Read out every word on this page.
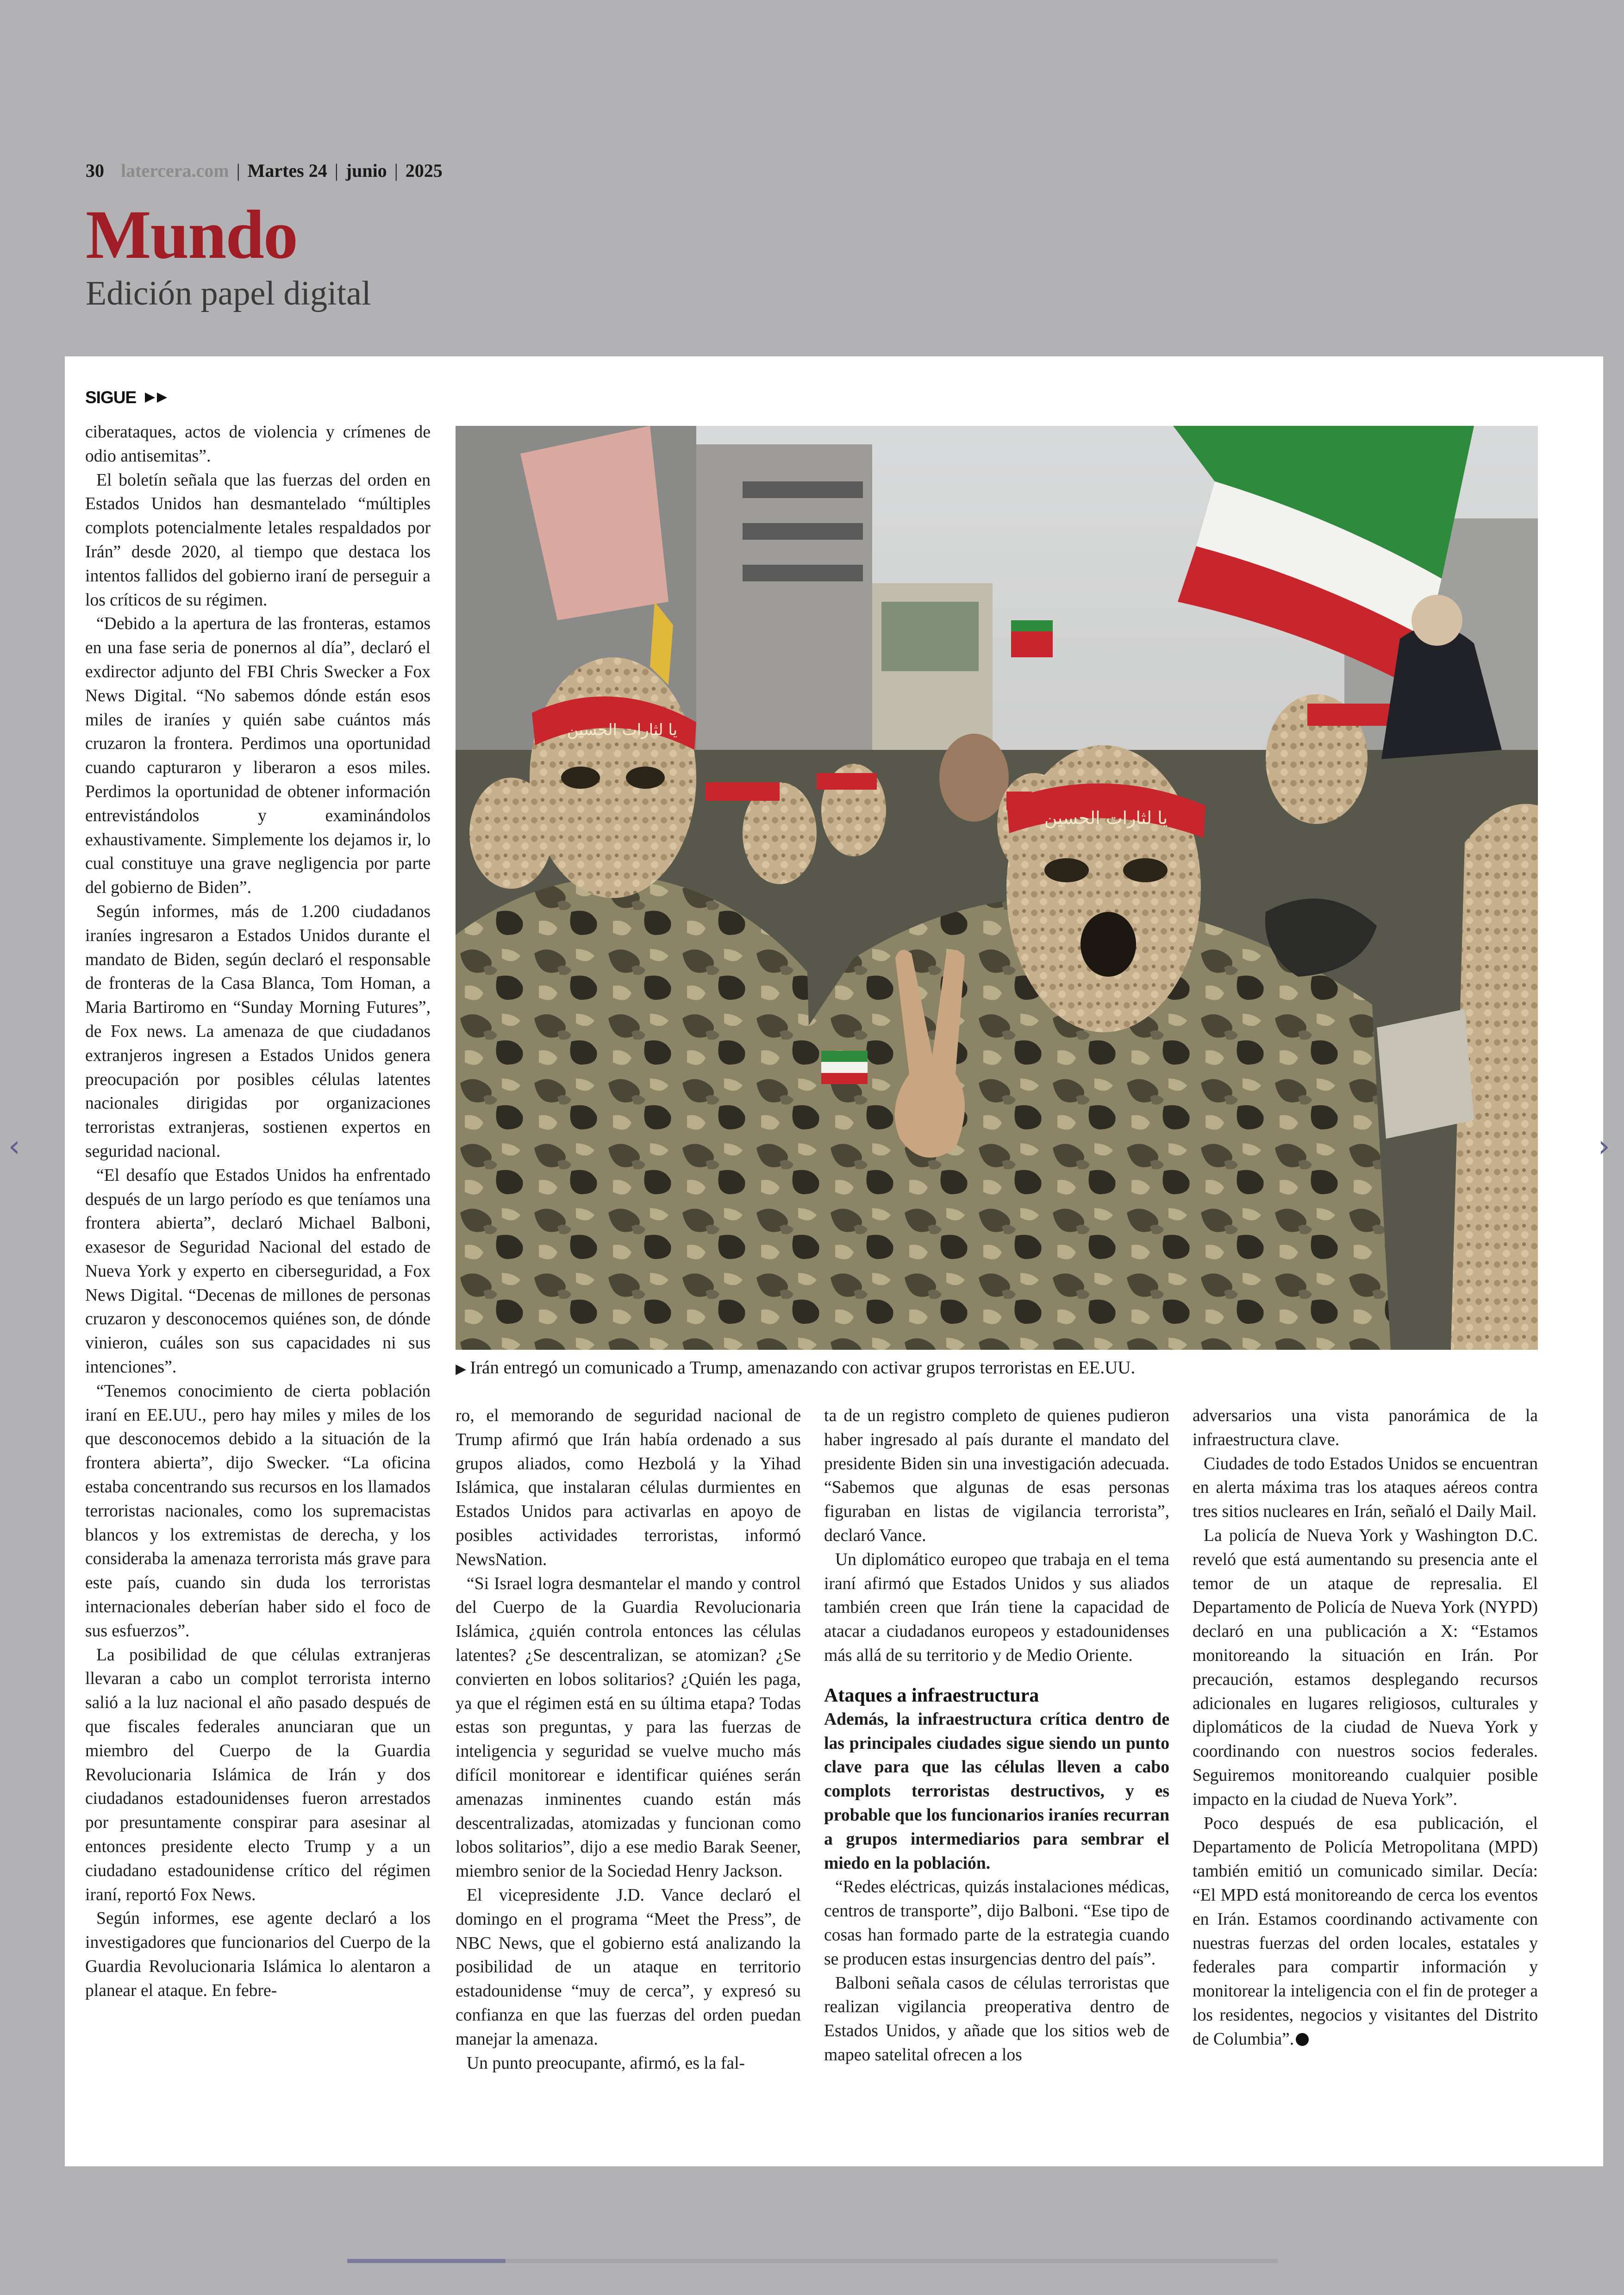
30 latercera.com | Martes 24 | junio | 2025
Mundo
Edición papel digital
SIGUE

ciberataques, actos de violencia y crímenes de odio antisemitas”.

El boletín señala que las fuerzas del orden en Estados Unidos han desmantelado “múltiples complots potencialmente letales respaldados por Irán” desde 2020, al tiempo que destaca los intentos fallidos del gobierno iraní de perseguir a los críticos de su régimen.

“Debido a la apertura de las fronteras, estamos en una fase seria de ponernos al día”, declaró el exdirector adjunto del FBI Chris Swecker a Fox News Digital. “No sabemos dónde están esos miles de iraníes y quién sabe cuántos más cruzaron la frontera. Perdimos una oportunidad cuando capturaron y liberaron a esos miles. Perdimos la oportunidad de obtener información entrevistándolos y examinándolos exhaustivamente. Simplemente los dejamos ir, lo cual constituye una grave negligencia por parte del gobierno de Biden”.

Según informes, más de 1.200 ciudadanos iraníes ingresaron a Estados Unidos durante el mandato de Biden, según declaró el responsable de fronteras de la Casa Blanca, Tom Homan, a Maria Bartiromo en “Sunday Morning Futures”, de Fox news. La amenaza de que ciudadanos extranjeros ingresen a Estados Unidos genera preocupación por posibles células latentes nacionales dirigidas por organizaciones terroristas extranjeras, sostienen expertos en seguridad nacional.

“El desafío que Estados Unidos ha enfrentado después de un largo período es que teníamos una frontera abierta”, declaró Michael Balboni, exasesor de Seguridad Nacional del estado de Nueva York y experto en ciberseguridad, a Fox News Digital. “Decenas de millones de personas cruzaron y desconocemos quiénes son, de dónde vinieron, cuáles son sus capacidades ni sus intenciones”.

“Tenemos conocimiento de cierta población iraní en EE.UU., pero hay miles y miles de los que desconocemos debido a la situación de la frontera abierta”, dijo Swecker. “La oficina estaba concentrando sus recursos en los llamados terroristas nacionales, como los supremacistas blancos y los extremistas de derecha, y los consideraba la amenaza terrorista más grave para este país, cuando sin duda los terroristas internacionales deberían haber sido el foco de sus esfuerzos”.

La posibilidad de que células extranjeras llevaran a cabo un complot terrorista interno salió a la luz nacional el año pasado después de que fiscales federales anunciaran que un miembro del Cuerpo de la Guardia Revolucionaria Islámica de Irán y dos ciudadanos estadounidenses fueron arrestados por presuntamente conspirar para asesinar al entonces presidente electo Trump y a un ciudadano estadounidense crítico del régimen iraní, reportó Fox News.

Según informes, ese agente declaró a los investigadores que funcionarios del Cuerpo de la Guardia Revolucionaria Islámica lo alentaron a planear el ataque. En febre-

يا لثارات الحسين
يا لثارات الحسين
▶ Irán entregó un comunicado a Trump, amenazando con activar grupos terroristas en EE.UU.

ro, el memorando de seguridad nacional de Trump afirmó que Irán había ordenado a sus grupos aliados, como Hezbolá y la Yihad Islámica, que instalaran células durmientes en Estados Unidos para activarlas en apoyo de posibles actividades terroristas, informó NewsNation.

“Si Israel logra desmantelar el mando y control del Cuerpo de la Guardia Revolucionaria Islámica, ¿quién controla entonces las células latentes? ¿Se descentralizan, se atomizan? ¿Se convierten en lobos solitarios? ¿Quién les paga, ya que el régimen está en su última etapa? Todas estas son preguntas, y para las fuerzas de inteligencia y seguridad se vuelve mucho más difícil monitorear e identificar quiénes serán amenazas inminentes cuando están más descentralizadas, atomizadas y funcionan como lobos solitarios”, dijo a ese medio Barak Seener, miembro senior de la Sociedad Henry Jackson.

El vicepresidente J.D. Vance declaró el domingo en el programa “Meet the Press”, de NBC News, que el gobierno está analizando la posibilidad de un ataque en territorio estadounidense “muy de cerca”, y expresó su confianza en que las fuerzas del orden puedan manejar la amenaza.

Un punto preocupante, afirmó, es la fal-

ta de un registro completo de quienes pudieron haber ingresado al país durante el mandato del presidente Biden sin una investigación adecuada. “Sabemos que algunas de esas personas figuraban en listas de vigilancia terrorista”, declaró Vance.

Un diplomático europeo que trabaja en el tema iraní afirmó que Estados Unidos y sus aliados también creen que Irán tiene la capacidad de atacar a ciudadanos europeos y estadounidenses más allá de su territorio y de Medio Oriente.

Ataques a infraestructura

Además, la infraestructura crítica dentro de las principales ciudades sigue siendo un punto clave para que las células lleven a cabo complots terroristas destructivos, y es probable que los funcionarios iraníes recurran a grupos intermediarios para sembrar el miedo en la población.

“Redes eléctricas, quizás instalaciones médicas, centros de transporte”, dijo Balboni. “Ese tipo de cosas han formado parte de la estrategia cuando se producen estas insurgencias dentro del país”.

Balboni señala casos de células terroristas que realizan vigilancia preoperativa dentro de Estados Unidos, y añade que los sitios web de mapeo satelital ofrecen a los

adversarios una vista panorámica de la infraestructura clave.

Ciudades de todo Estados Unidos se encuentran en alerta máxima tras los ataques aéreos contra tres sitios nucleares en Irán, señaló el Daily Mail.

La policía de Nueva York y Washington D.C. reveló que está aumentando su presencia ante el temor de un ataque de represalia. El Departamento de Policía de Nueva York (NYPD) declaró en una publicación a X: “Estamos monitoreando la situación en Irán. Por precaución, estamos desplegando recursos adicionales en lugares religiosos, culturales y diplomáticos de la ciudad de Nueva York y coordinando con nuestros socios federales. Seguiremos monitoreando cualquier posible impacto en la ciudad de Nueva York”.

Poco después de esa publicación, el Departamento de Policía Metropolitana (MPD) también emitió un comunicado similar. Decía: “El MPD está monitoreando de cerca los eventos en Irán. Estamos coordinando activamente con nuestras fuerzas del orden locales, estatales y federales para compartir información y monitorear la inteligencia con el fin de proteger a los residentes, negocios y visitantes del Distrito de Columbia”.

‹	›
